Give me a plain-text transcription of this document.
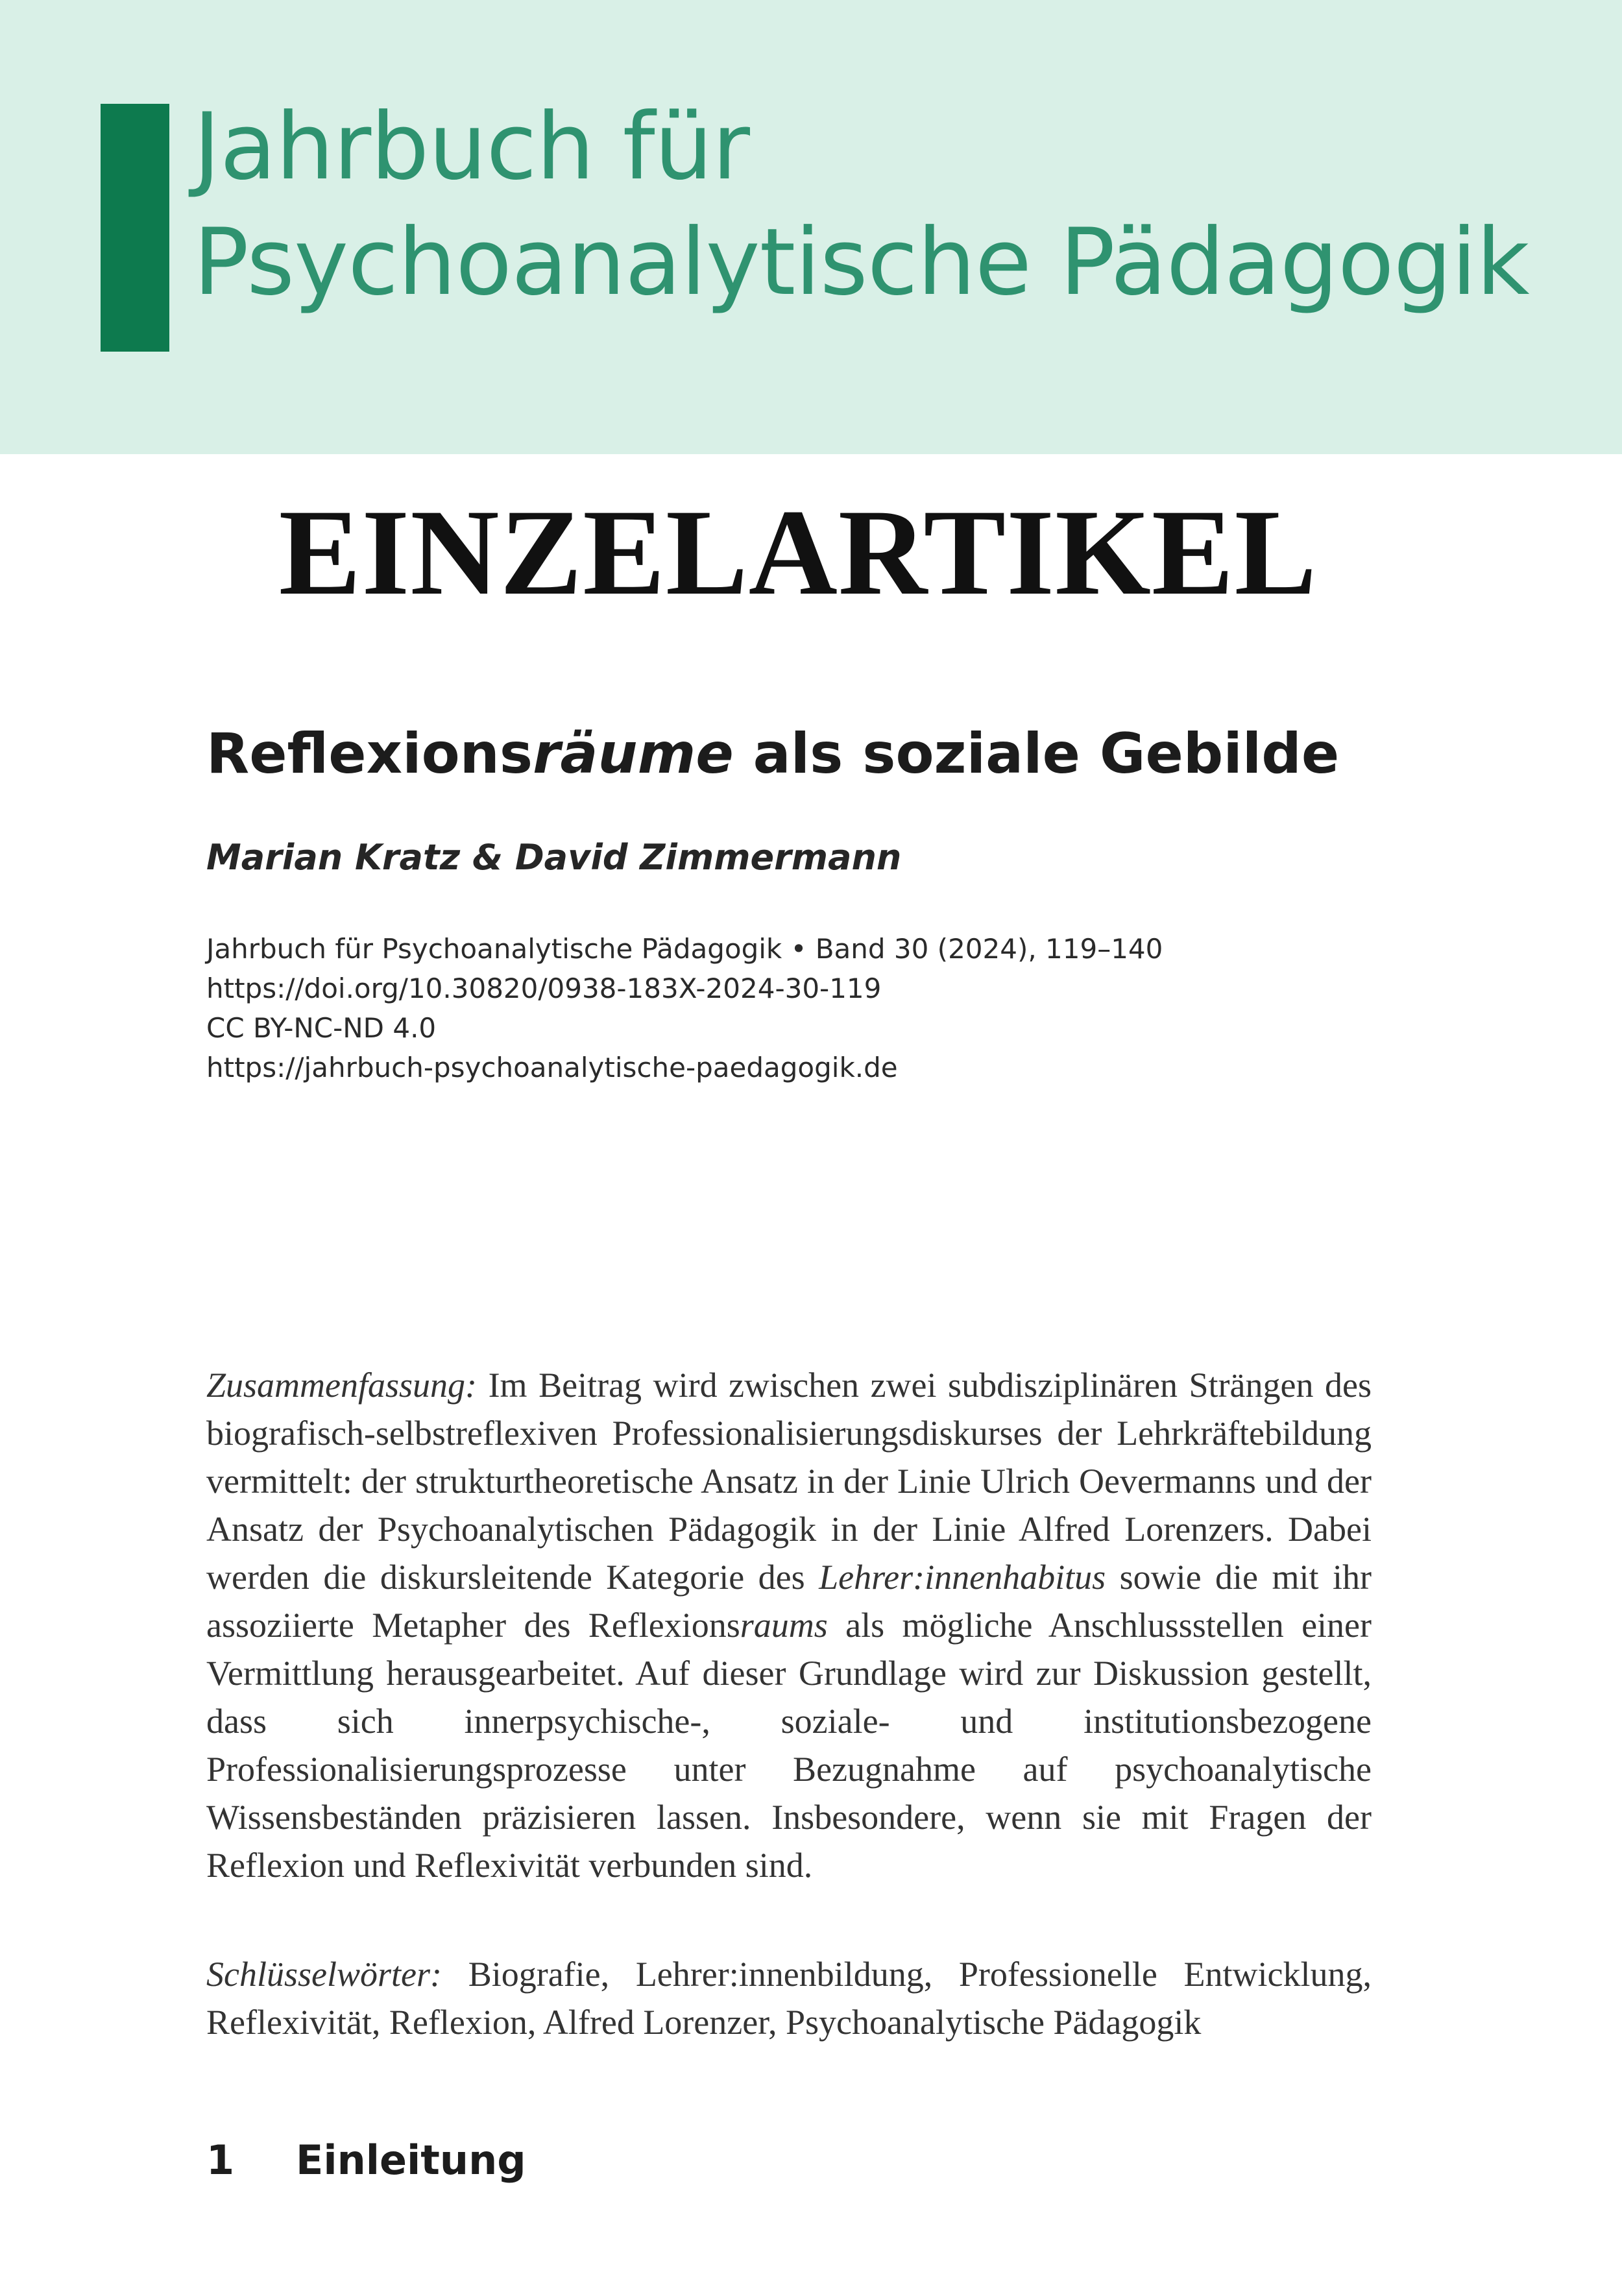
Jahrbuch für
Psychoanalytische Pädagogik
EINZELARTIKEL
Reflexionsräume als soziale Gebilde
Marian Kratz & David Zimmermann
Jahrbuch für Psychoanalytische Pädagogik • Band 30 (2024), 119–140
https://doi.org/10.30820/0938-183X-2024-30-119
CC BY-NC-ND 4.0
https://jahrbuch-psychoanalytische-paedagogik.de
Zusammenfassung: Im Beitrag wird zwischen zwei subdisziplinären Strängen des biografisch-selbstreflexiven Professionalisierungsdiskurses der Lehrkräftebildung vermittelt: der strukturtheoretische Ansatz in der Linie Ulrich Oevermanns und der Ansatz der Psychoanalytischen Pädagogik in der Linie Alfred Lorenzers. Dabei werden die diskursleitende Kategorie des Lehrer:innenhabitus sowie die mit ihr assoziierte Metapher des Reflexionsraums als mögliche Anschlussstellen einer Vermittlung herausgearbeitet. Auf dieser Grundlage wird zur Diskussion gestellt, dass sich innerpsychische-, soziale- und institutionsbezogene Professionalisierungsprozesse unter Bezugnahme auf psychoanalytische Wissensbeständen präzisieren lassen. Insbesondere, wenn sie mit Fragen der Reflexion und Reflexivität verbunden sind.
Schlüsselwörter: Biografie, Lehrer:innenbildung, Professionelle Entwicklung, Reflexivität, Reflexion, Alfred Lorenzer, Psychoanalytische Pädagogik
1 Einleitung
